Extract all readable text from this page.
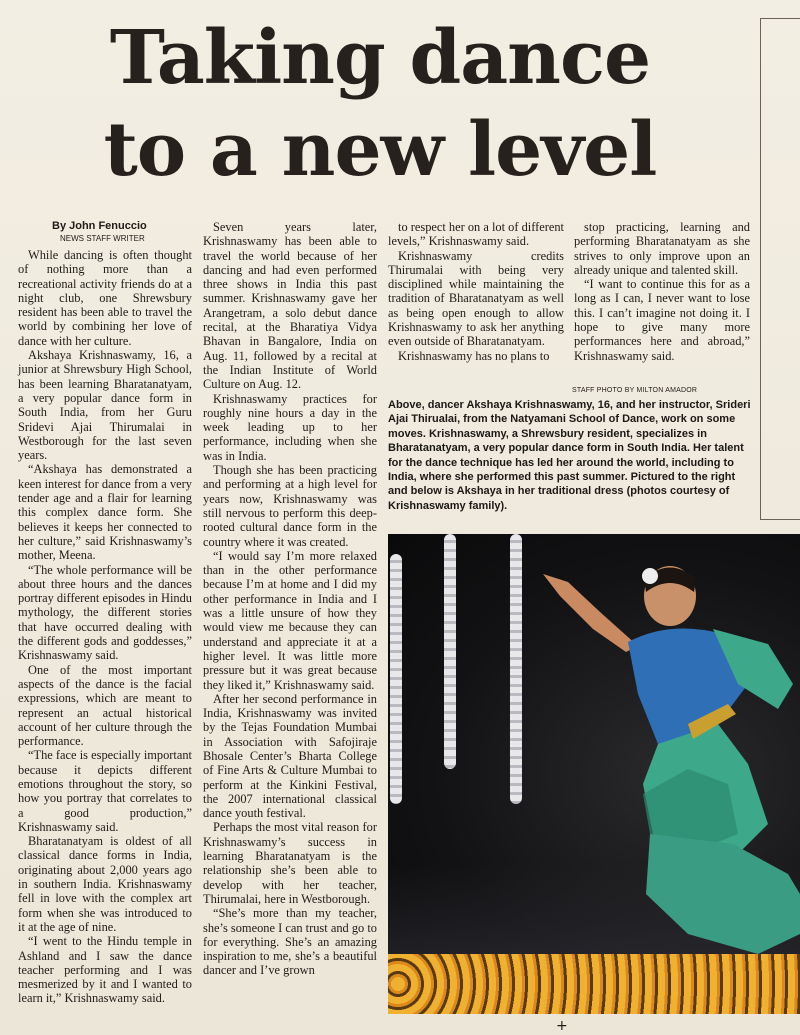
Taking dance
to a new level
By John Fenuccio
NEWS STAFF WRITER

While dancing is often thought of nothing more than a recreational activity friends do at a night club, one Shrewsbury resident has been able to travel the world by combining her love of dance with her culture.

Akshaya Krishnaswamy, 16, a junior at Shrewsbury High School, has been learning Bharatanatyam, a very popular dance form in South India, from her Guru Sridevi Ajai Thirumalai in Westborough for the last seven years.

“Akshaya has demonstrated a keen interest for dance from a very tender age and a flair for learning this complex dance form. She believes it keeps her connected to her culture,” said Krishnaswamy’s mother, Meena.

“The whole performance will be about three hours and the dances portray different episodes in Hindu mythology, the different stories that have occurred dealing with the different gods and goddesses,” Krishnaswamy said.

One of the most important aspects of the dance is the facial expressions, which are meant to represent an actual historical account of her culture through the performance.

“The face is especially important because it depicts different emotions throughout the story, so how you portray that correlates to a good production,” Krishnaswamy said.

Bharatanatyam is oldest of all classical dance forms in India, originating about 2,000 years ago in southern India. Krishnaswamy fell in love with the complex art form when she was introduced to it at the age of nine.

“I went to the Hindu temple in Ashland and I saw the dance teacher performing and I was mesmerized by it and I wanted to learn it,” Krishnaswamy said.

Seven years later, Krishnaswamy has been able to travel the world because of her dancing and had even performed three shows in India this past summer. Krishnaswamy gave her Arangetram, a solo debut dance recital, at the Bharatiya Vidya Bhavan in Bangalore, India on Aug. 11, followed by a recital at the Indian Institute of World Culture on Aug. 12.

Krishnaswamy practices for roughly nine hours a day in the week leading up to her performance, including when she was in India.

Though she has been practicing and performing at a high level for years now, Krishnaswamy was still nervous to perform this deep-rooted cultural dance form in the country where it was created.

“I would say I’m more relaxed than in the other performance because I’m at home and I did my other performance in India and I was a little unsure of how they would view me because they can understand and appreciate it at a higher level. It was little more pressure but it was great because they liked it,” Krishnaswamy said.

After her second performance in India, Krishnaswamy was invited by the Tejas Foundation Mumbai in Association with Safojiraje Bhosale Center’s Bharta College of Fine Arts & Culture Mumbai to perform at the Kinkini Festival, the 2007 international classical dance youth festival.

Perhaps the most vital reason for Krishnaswamy’s success in learning Bharatanatyam is the relationship she’s been able to develop with her teacher, Thirumalai, here in Westborough.

“She’s more than my teacher, she’s someone I can trust and go to for everything. She’s an amazing inspiration to me, she’s a beautiful dancer and I’ve grown

to respect her on a lot of different levels,” Krishnaswamy said.

Krishnaswamy credits Thirumalai with being very disciplined while maintaining the tradition of Bharatanatyam as well as being open enough to allow Krishnaswamy to ask her anything even outside of Bharatanatyam.

Krishnaswamy has no plans to

stop practicing, learning and performing Bharatanatyam as she strives to only improve upon an already unique and talented skill.

“I want to continue this for as a long as I can, I never want to lose this. I can’t imagine not doing it. I hope to give many more performances here and abroad,” Krishnaswamy said.

STAFF PHOTO BY MILTON AMADOR
Above, dancer Akshaya Krishnaswamy, 16, and her instructor, Srideri Ajai Thirualai, from the Natyamani School of Dance, work on some moves. Krishnaswamy, a Shrewsbury resident, specializes in Bharatanatyam, a very popular dance form in South India. Her talent for the dance technique has led her around the world, including to India, where she performed this past summer. Pictured to the right and below is Akshaya in her traditional dress (photos courtesy of Krishnaswamy family).
+
